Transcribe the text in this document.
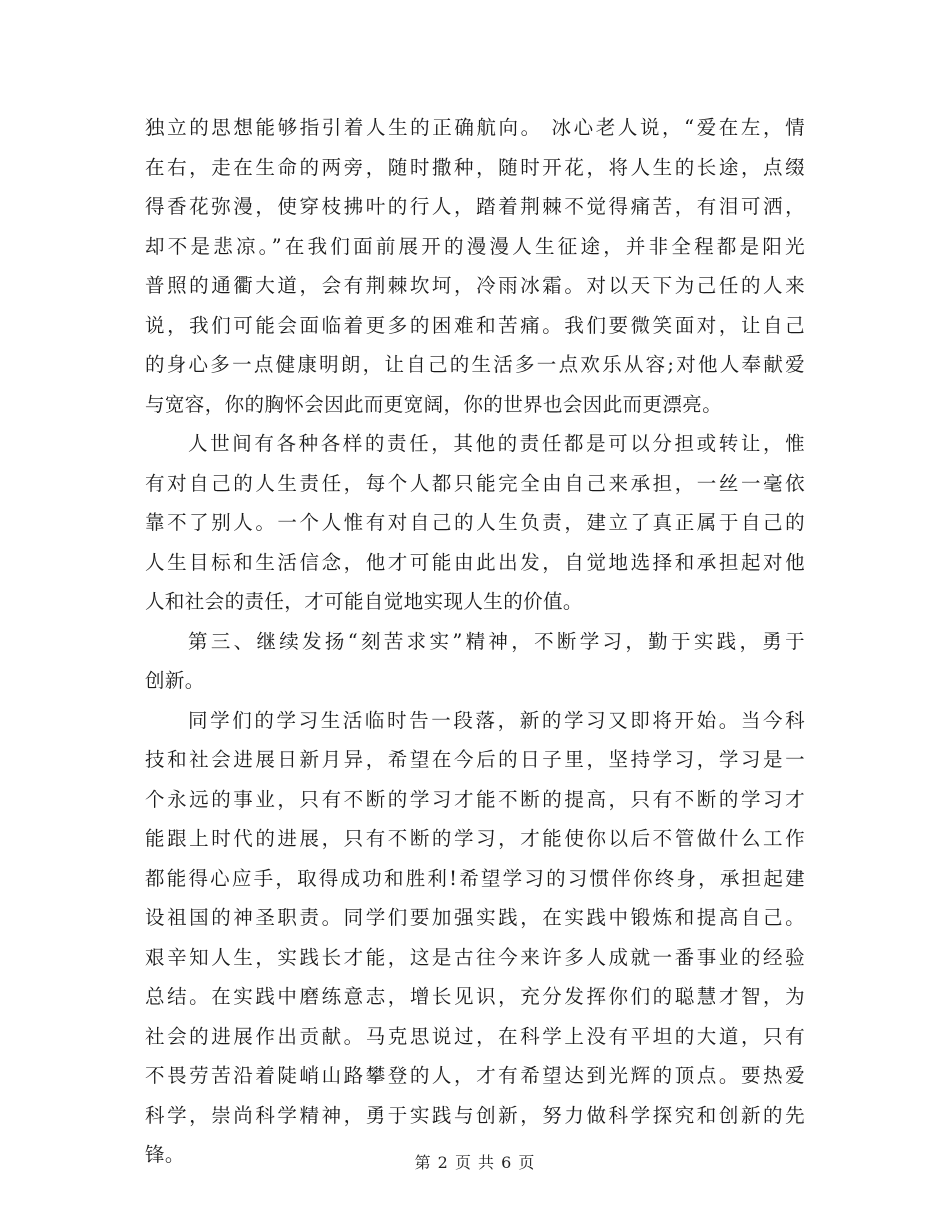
独立的思想能够指引着人生的正确航向。 冰心老人说，“爱在左，情
在右，走在生命的两旁，随时撒种，随时开花，将人生的长途，点缀
得香花弥漫，使穿枝拂叶的行人，踏着荆棘不觉得痛苦，有泪可洒，
却不是悲凉。”在我们面前展开的漫漫人生征途，并非全程都是阳光
普照的通衢大道，会有荆棘坎坷，冷雨冰霜。对以天下为己任的人来
说，我们可能会面临着更多的困难和苦痛。我们要微笑面对，让自己
的身心多一点健康明朗，让自己的生活多一点欢乐从容;对他人奉献爱
与宽容，你的胸怀会因此而更宽阔，你的世界也会因此而更漂亮。
人世间有各种各样的责任，其他的责任都是可以分担或转让，惟
有对自己的人生责任，每个人都只能完全由自己来承担，一丝一毫依
靠不了别人。一个人惟有对自己的人生负责，建立了真正属于自己的
人生目标和生活信念，他才可能由此出发，自觉地选择和承担起对他
人和社会的责任，才可能自觉地实现人生的价值。
第三、继续发扬“刻苦求实”精神，不断学习，勤于实践，勇于
创新。
同学们的学习生活临时告一段落，新的学习又即将开始。当今科
技和社会进展日新月异，希望在今后的日子里，坚持学习，学习是一
个永远的事业，只有不断的学习才能不断的提高，只有不断的学习才
能跟上时代的进展，只有不断的学习，才能使你以后不管做什么工作
都能得心应手，取得成功和胜利!希望学习的习惯伴你终身，承担起建
设祖国的神圣职责。同学们要加强实践，在实践中锻炼和提高自己。
艰辛知人生，实践长才能，这是古往今来许多人成就一番事业的经验
总结。在实践中磨练意志，增长见识，充分发挥你们的聪慧才智，为
社会的进展作出贡献。马克思说过，在科学上没有平坦的大道，只有
不畏劳苦沿着陡峭山路攀登的人，才有希望达到光辉的顶点。要热爱
科学，崇尚科学精神，勇于实践与创新，努力做科学探究和创新的先
锋。	第 2 页 共 6 页
